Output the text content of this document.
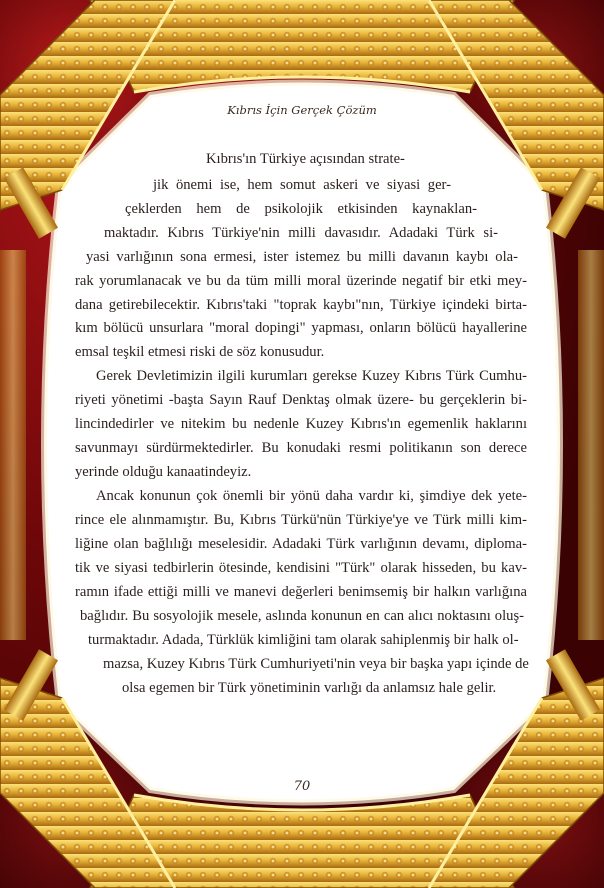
Kıbrıs İçin Gerçek Çözüm
Kıbrıs'ın Türkiye açısından strate-
jik önemi ise, hem somut askeri ve siyasi ger-
çeklerden hem de psikolojik etkisinden kaynaklan-
maktadır. Kıbrıs Türkiye'nin milli davasıdır. Adadaki Türk si-
yasi varlığının sona ermesi, ister istemez bu milli davanın kaybı ola-
rak yorumlanacak ve bu da tüm milli moral üzerinde negatif bir etki mey-
dana getirebilecektir. Kıbrıs'taki "toprak kaybı"nın, Türkiye içindeki birta-
kım bölücü unsurlara "moral dopingi" yapması, onların bölücü hayallerine
emsal teşkil etmesi riski de söz konusudur.
Gerek Devletimizin ilgili kurumları gerekse Kuzey Kıbrıs Türk Cumhu-
riyeti yönetimi -başta Sayın Rauf Denktaş olmak üzere- bu gerçeklerin bi-
lincindedirler ve nitekim bu nedenle Kuzey Kıbrıs'ın egemenlik haklarını
savunmayı sürdürmektedirler. Bu konudaki resmi politikanın son derece
yerinde olduğu kanaatindeyiz.
Ancak konunun çok önemli bir yönü daha vardır ki, şimdiye dek yete-
rince ele alınmamıştır. Bu, Kıbrıs Türkü'nün Türkiye'ye ve Türk milli kim-
liğine olan bağlılığı meselesidir. Adadaki Türk varlığının devamı, diploma-
tik ve siyasi tedbirlerin ötesinde, kendisini "Türk" olarak hisseden, bu kav-
ramın ifade ettiği milli ve manevi değerleri benimsemiş bir halkın varlığına
bağlıdır. Bu sosyolojik mesele, aslında konunun en can alıcı noktasını oluş-
turmaktadır. Adada, Türklük kimliğini tam olarak sahiplenmiş bir halk ol-
mazsa, Kuzey Kıbrıs Türk Cumhuriyeti'nin veya bir başka yapı içinde de
olsa egemen bir Türk yönetiminin varlığı da anlamsız hale gelir.
70
